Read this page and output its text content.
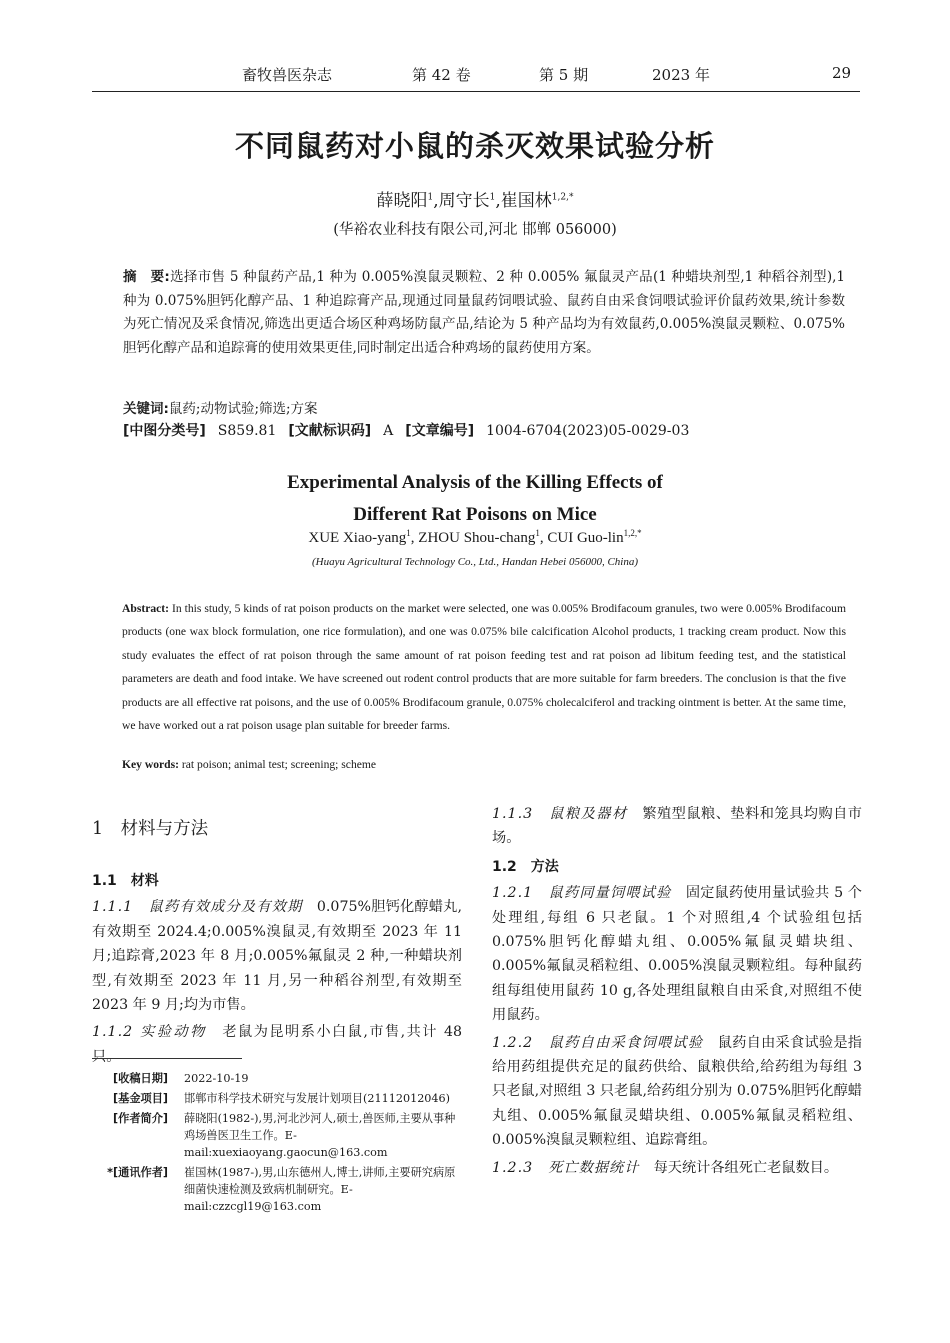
畜牧兽医杂志	第 42 卷	第 5 期	2023 年	29
不同鼠药对小鼠的杀灭效果试验分析
薛晓阳$^1$,周守长$^1$,崔国林$^{1,2,*}$
(华裕农业科技有限公司,河北 邯郸 056000)
摘　要:选择市售 5 种鼠药产品,1 种为 0.005%溴鼠灵颗粒、2 种 0.005% 氟鼠灵产品(1 种蜡块剂型,1 种稻谷剂型),1 种为 0.075%胆钙化醇产品、1 种追踪膏产品,现通过同量鼠药饲喂试验、鼠药自由采食饲喂试验评价鼠药效果,统计参数为死亡情况及采食情况,筛选出更适合场区种鸡场防鼠产品,结论为 5 种产品均为有效鼠药,0.005%溴鼠灵颗粒、0.075%胆钙化醇产品和追踪膏的使用效果更佳,同时制定出适合种鸡场的鼠药使用方案。
关键词:鼠药;动物试验;筛选;方案
[中图分类号] S859.81 [文献标识码] A [文章编号] 1004-6704(2023)05-0029-03
Experimental Analysis of the Killing Effects of
Different Rat Poisons on Mice
XUE Xiao-yang$^1$, ZHOU Shou-chang$^1$, CUI Guo-lin$^{1,2,*}$
(Huayu Agricultural Technology Co., Ltd., Handan Hebei 056000, China)
Abstract: In this study, 5 kinds of rat poison products on the market were selected, one was 0.005% Brodifacoum granules, two were 0.005% Brodifacoum products (one wax block formulation, one rice formulation), and one was 0.075% bile calcification Alcohol products, 1 tracking cream product. Now this study evaluates the effect of rat poison through the same amount of rat poison feeding test and rat poison ad libitum feeding test, and the statistical parameters are death and food intake. We have screened out rodent control products that are more suitable for farm breeders. The conclusion is that the five products are all effective rat poisons, and the use of 0.005% Brodifacoum granule, 0.075% cholecalciferol and tracking ointment is better. At the same time, we have worked out a rat poison usage plan suitable for breeder farms.
Key words: rat poison; animal test; screening; scheme
1　材料与方法
1.1　材料

1.1.1　鼠药有效成分及有效期　0.075%胆钙化醇蜡丸,有效期至 2024.4;0.005%溴鼠灵,有效期至 2023 年 11 月;追踪膏,2023 年 8 月;0.005%氟鼠灵 2 种,一种蜡块剂型,有效期至 2023 年 11 月,另一种稻谷剂型,有效期至 2023 年 9 月;均为市售。

1.1.2 实验动物　老鼠为昆明系小白鼠,市售,共计 48 只。

[收稿日期]	2022-10-19
[基金项目]	邯郸市科学技术研究与发展计划项目(21112012046)
[作者简介]	薛晓阳(1982-),男,河北沙河人,硕士,兽医师,主要从事种鸡场兽医卫生工作。E-mail:xuexiaoyang.gaocun@163.com
*[通讯作者]	崔国林(1987-),男,山东德州人,博士,讲师,主要研究病原细菌快速检测及致病机制研究。E-mail:czzcgl19@163.com

1.1.3　鼠粮及器材　繁殖型鼠粮、垫料和笼具均购自市场。

1.2　方法

1.2.1　鼠药同量饲喂试验　固定鼠药使用量试验共 5 个处理组,每组 6 只老鼠。1 个对照组,4 个试验组包括 0.075%胆钙化醇蜡丸组、0.005%氟鼠灵蜡块组、0.005%氟鼠灵稻粒组、0.005%溴鼠灵颗粒组。每种鼠药组每组使用鼠药 10 g,各处理组鼠粮自由采食,对照组不使用鼠药。

1.2.2　鼠药自由采食饲喂试验　鼠药自由采食试验是指给用药组提供充足的鼠药供给、鼠粮供给,给药组为每组 3 只老鼠,对照组 3 只老鼠,给药组分别为 0.075%胆钙化醇蜡丸组、0.005%氟鼠灵蜡块组、0.005%氟鼠灵稻粒组、0.005%溴鼠灵颗粒组、追踪膏组。

1.2.3　死亡数据统计　每天统计各组死亡老鼠数目。
